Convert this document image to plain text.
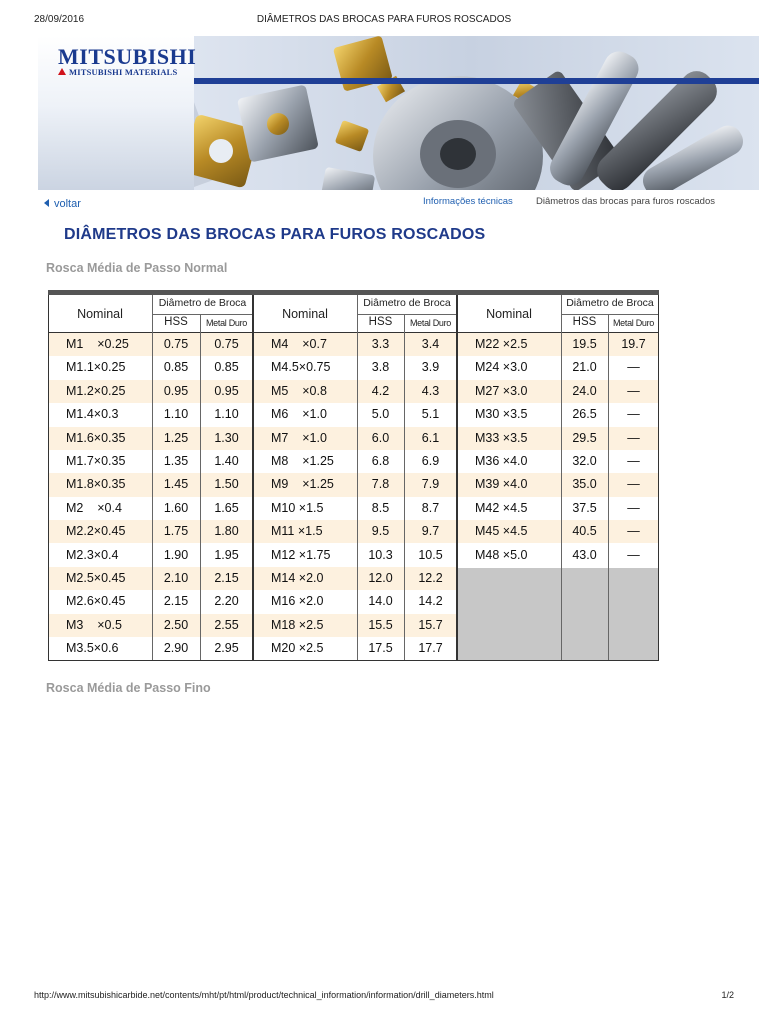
28/09/2016	DIÂMETROS DAS BROCAS PARA FUROS ROSCADOS
MITSUBISHI
MITSUBISHI MATERIALS
voltar	Informações técnicas Diâmetros das brocas para furos roscados
DIÂMETROS DAS BROCAS PARA FUROS ROSCADOS
Rosca Média de Passo Normal
Nominal
Diâmetro de Broca
HSS	Metal Duro
M1    ×0.25	0.75	0.75
M1.1×0.25	0.85	0.85
M1.2×0.25	0.95	0.95
M1.4×0.3	1.10	1.10
M1.6×0.35	1.25	1.30
M1.7×0.35	1.35	1.40
M1.8×0.35	1.45	1.50
M2    ×0.4	1.60	1.65
M2.2×0.45	1.75	1.80
M2.3×0.4	1.90	1.95
M2.5×0.45	2.10	2.15
M2.6×0.45	2.15	2.20
M3    ×0.5	2.50	2.55
M3.5×0.6	2.90	2.95
Nominal
Diâmetro de Broca
HSS	Metal Duro
M4    ×0.7	3.3	3.4
M4.5×0.75	3.8	3.9
M5    ×0.8	4.2	4.3
M6    ×1.0	5.0	5.1
M7    ×1.0	6.0	6.1
M8    ×1.25	6.8	6.9
M9    ×1.25	7.8	7.9
M10 ×1.5	8.5	8.7
M11 ×1.5	9.5	9.7
M12 ×1.75	10.3	10.5
M14 ×2.0	12.0	12.2
M16 ×2.0	14.0	14.2
M18 ×2.5	15.5	15.7
M20 ×2.5	17.5	17.7
Nominal
Diâmetro de Broca
HSS	Metal Duro
M22 ×2.5	19.5	19.7
M24 ×3.0	21.0	—
M27 ×3.0	24.0	—
M30 ×3.5	26.5	—
M33 ×3.5	29.5	—
M36 ×4.0	32.0	—
M39 ×4.0	35.0	—
M42 ×4.5	37.5	—
M45 ×4.5	40.5	—
M48 ×5.0	43.0	—
Rosca Média de Passo Fino
http://www.mitsubishicarbide.net/contents/mht/pt/html/product/technical_information/information/drill_diameters.html	1/2
